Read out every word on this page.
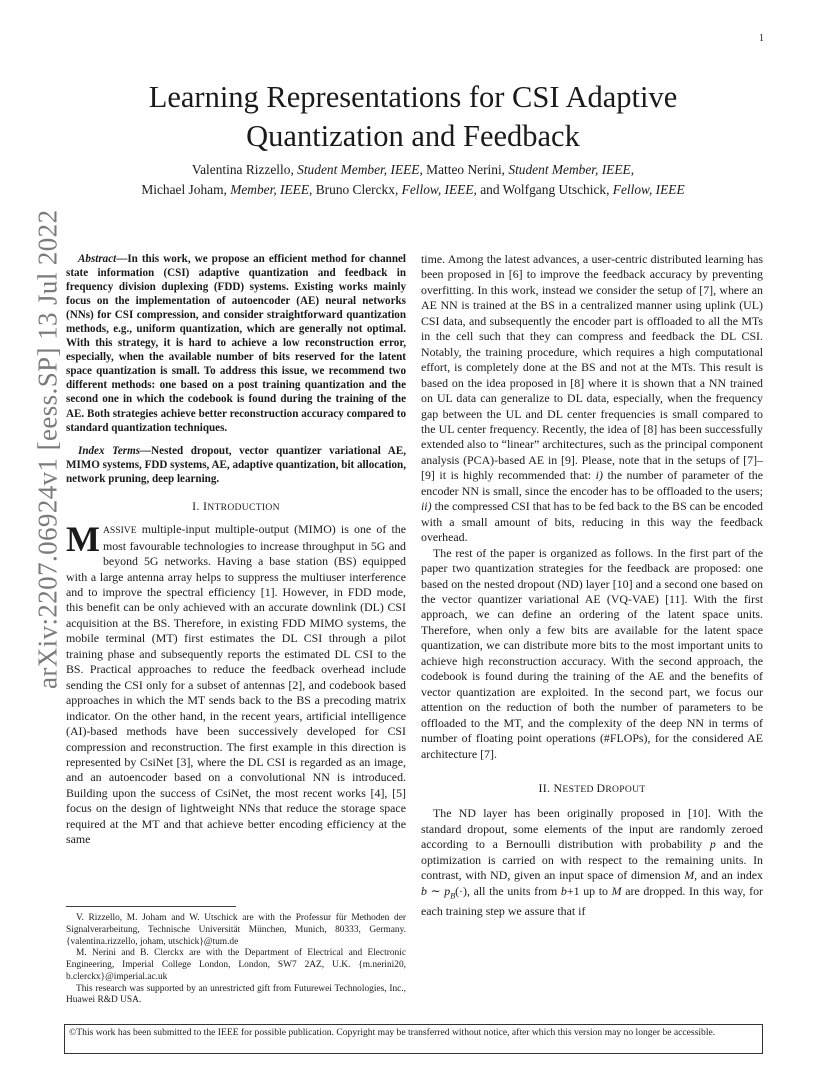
1
arXiv:2207.06924v1 [eess.SP] 13 Jul 2022
Learning Representations for CSI Adaptive
Quantization and Feedback
Valentina Rizzello, Student Member, IEEE, Matteo Nerini, Student Member, IEEE,
Michael Joham, Member, IEEE, Bruno Clerckx, Fellow, IEEE, and Wolfgang Utschick, Fellow, IEEE

Abstract—In this work, we propose an efficient method for channel state information (CSI) adaptive quantization and feedback in frequency division duplexing (FDD) systems. Existing works mainly focus on the implementation of autoencoder (AE) neural networks (NNs) for CSI compression, and consider straightforward quantization methods, e.g., uniform quantization, which are generally not optimal. With this strategy, it is hard to achieve a low reconstruction error, especially, when the available number of bits reserved for the latent space quantization is small. To address this issue, we recommend two different methods: one based on a post training quantization and the second one in which the codebook is found during the training of the AE. Both strategies achieve better reconstruction accuracy compared to standard quantization techniques.

Index Terms—Nested dropout, vector quantizer variational AE, MIMO systems, FDD systems, AE, adaptive quantization, bit allocation, network pruning, deep learning.

I. INTRODUCTION

MASSIVE multiple-input multiple-output (MIMO) is one of the most favourable technologies to increase throughput in 5G and beyond 5G networks. Having a base station (BS) equipped with a large antenna array helps to suppress the multiuser interference and to improve the spectral efficiency [1]. However, in FDD mode, this benefit can be only achieved with an accurate downlink (DL) CSI acquisition at the BS. Therefore, in existing FDD MIMO systems, the mobile terminal (MT) first estimates the DL CSI through a pilot training phase and subsequently reports the estimated DL CSI to the BS. Practical approaches to reduce the feedback overhead include sending the CSI only for a subset of antennas [2], and codebook based approaches in which the MT sends back to the BS a precoding matrix indicator. On the other hand, in the recent years, artificial intelligence (AI)-based methods have been successively developed for CSI compression and reconstruction. The first example in this direction is represented by CsiNet [3], where the DL CSI is regarded as an image, and an autoencoder based on a convolutional NN is introduced. Building upon the success of CsiNet, the most recent works [4], [5] focus on the design of lightweight NNs that reduce the storage space required at the MT and that achieve better encoding efficiency at the same

time. Among the latest advances, a user-centric distributed learning has been proposed in [6] to improve the feedback accuracy by preventing overfitting. In this work, instead we consider the setup of [7], where an AE NN is trained at the BS in a centralized manner using uplink (UL) CSI data, and subsequently the encoder part is offloaded to all the MTs in the cell such that they can compress and feedback the DL CSI. Notably, the training procedure, which requires a high computational effort, is completely done at the BS and not at the MTs. This result is based on the idea proposed in [8] where it is shown that a NN trained on UL data can generalize to DL data, especially, when the frequency gap between the UL and DL center frequencies is small compared to the UL center frequency. Recently, the idea of [8] has been successfully extended also to “linear” architectures, such as the principal component analysis (PCA)-based AE in [9]. Please, note that in the setups of [7]–[9] it is highly recommended that: i) the number of parameter of the encoder NN is small, since the encoder has to be offloaded to the users; ii) the compressed CSI that has to be fed back to the BS can be encoded with a small amount of bits, reducing in this way the feedback overhead.

The rest of the paper is organized as follows. In the first part of the paper two quantization strategies for the feedback are proposed: one based on the nested dropout (ND) layer [10] and a second one based on the vector quantizer variational AE (VQ-VAE) [11]. With the first approach, we can define an ordering of the latent space units. Therefore, when only a few bits are available for the latent space quantization, we can distribute more bits to the most important units to achieve high reconstruction accuracy. With the second approach, the codebook is found during the training of the AE and the benefits of vector quantization are exploited. In the second part, we focus our attention on the reduction of both the number of parameters to be offloaded to the MT, and the complexity of the deep NN in terms of number of floating point operations (#FLOPs), for the considered AE architecture [7].

II. NESTED DROPOUT

The ND layer has been originally proposed in [10]. With the standard dropout, some elements of the input are randomly zeroed according to a Bernoulli distribution with probability p and the optimization is carried on with respect to the remaining units. In contrast, with ND, given an input space of dimension M, and an index b ∼ $p_B(\cdot)$, all the units from b+1 up to M are dropped. In this way, for each training step we assure that if

V. Rizzello, M. Joham and W. Utschick are with the Professur für Methoden der Signalverarbeitung, Technische Universität München, Munich, 80333, Germany. {valentina.rizzello, joham, utschick}@tum.de

M. Nerini and B. Clerckx are with the Department of Electrical and Electronic Engineering, Imperial College London, London, SW7 2AZ, U.K. {m.nerini20, b.clerckx}@imperial.ac.uk

This research was supported by an unrestricted gift from Futurewei Technologies, Inc., Huawei R&D USA.

©This work has been submitted to the IEEE for possible publication. Copyright may be transferred without notice, after which this version may no longer be accessible.
